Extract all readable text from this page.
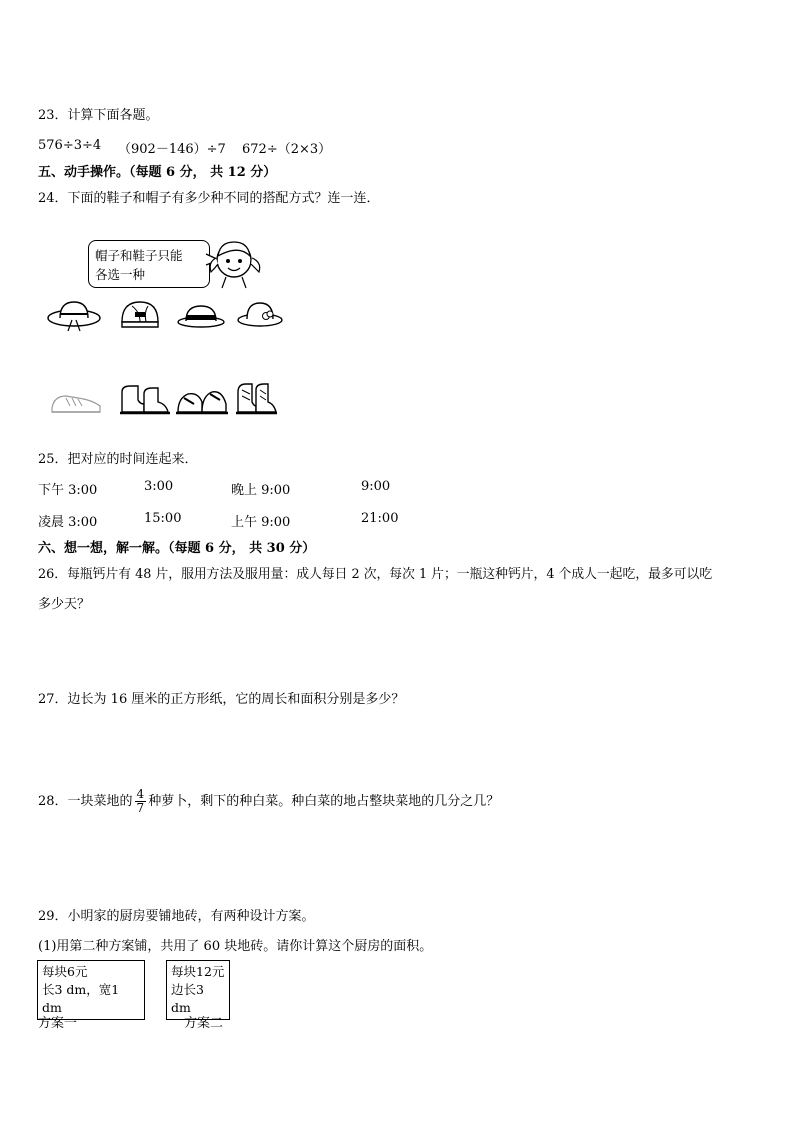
23．计算下面各题。
576÷3÷4 （902－146）÷7 672÷（2×3）
五、动手操作。（每题 6 分， 共 12 分）
24．下面的鞋子和帽子有多少种不同的搭配方式？连一连．
帽子和鞋子只能
各选一种
25．把对应的时间连起来．
下午 3:00	3:00	晚上 9:00	9:00
凌晨 3:00	15:00	上午 9:00	21:00
六、想一想，解一解。（每题 6 分， 共 30 分）
26．每瓶钙片有 48 片，服用方法及服用量：成人每日 2 次，每次 1 片；一瓶这种钙片，4 个成人一起吃，最多可以吃
多少天？
27．边长为 16 厘米的正方形纸，它的周长和面积分别是多少？
28．一块菜地的 $\frac{4}{7}$ 种萝卜，剩下的种白菜。种白菜的地占整块菜地的几分之几？
29．小明家的厨房要铺地砖，有两种设计方案。
(1)用第二种方案铺，共用了 60 块地砖。请你计算这个厨房的面积。
每块6元
长3 dm，宽1 dm
每块12元
边长3 dm
方案一	方案二
